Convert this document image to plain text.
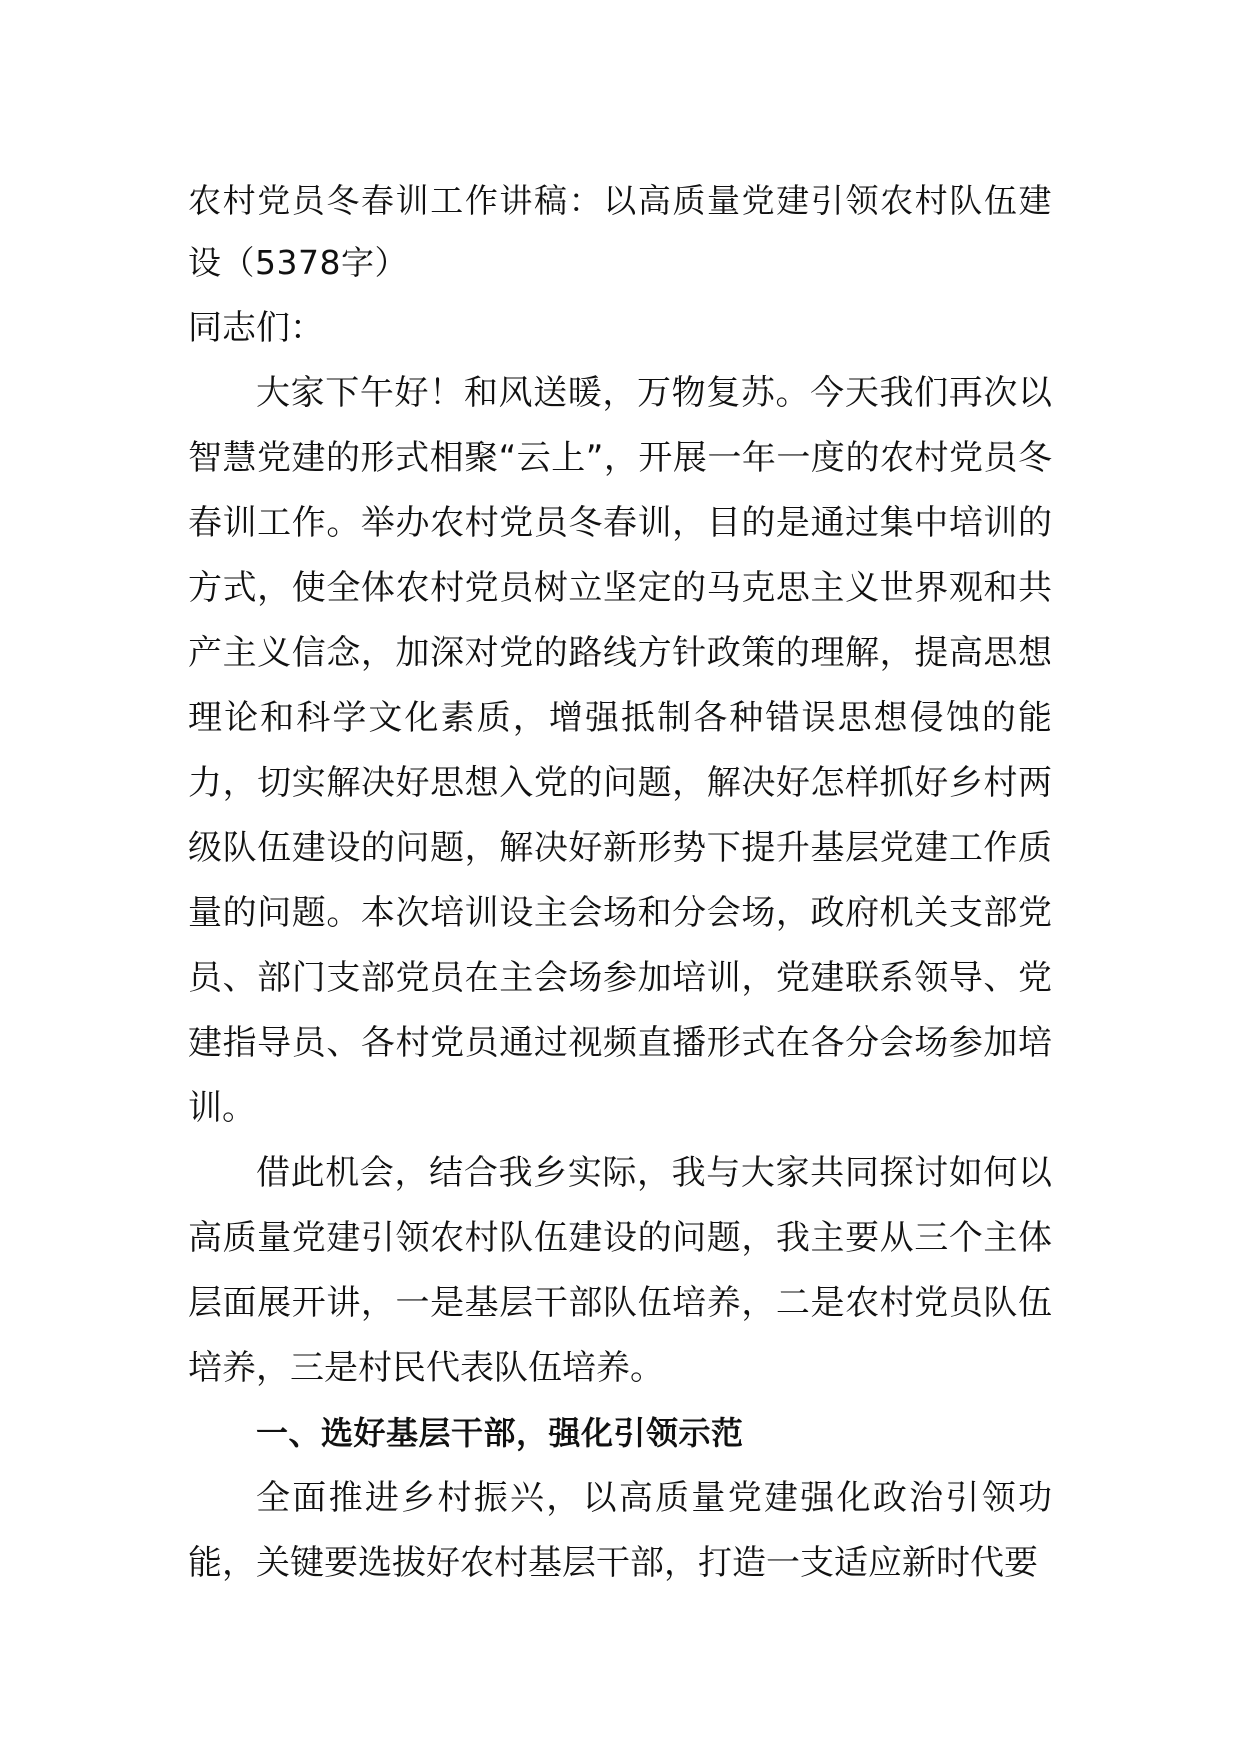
农村党员冬春训工作讲稿：以高质量党建引领农村队伍建设（5378字）

同志们：

大家下午好！和风送暖，万物复苏。今天我们再次以智慧党建的形式相聚“云上”，开展一年一度的农村党员冬春训工作。举办农村党员冬春训，目的是通过集中培训的方式，使全体农村党员树立坚定的马克思主义世界观和共产主义信念，加深对党的路线方针政策的理解，提高思想理论和科学文化素质，增强抵制各种错误思想侵蚀的能力，切实解决好思想入党的问题，解决好怎样抓好乡村两级队伍建设的问题，解决好新形势下提升基层党建工作质量的问题。本次培训设主会场和分会场，政府机关支部党员、部门支部党员在主会场参加培训，党建联系领导、党建指导员、各村党员通过视频直播形式在各分会场参加培训。

借此机会，结合我乡实际，我与大家共同探讨如何以高质量党建引领农村队伍建设的问题，我主要从三个主体层面展开讲，一是基层干部队伍培养，二是农村党员队伍培养，三是村民代表队伍培养。

一、选好基层干部，强化引领示范

全面推进乡村振兴，以高质量党建强化政治引领功能，关键要选拔好农村基层干部，打造一支适应新时代要
